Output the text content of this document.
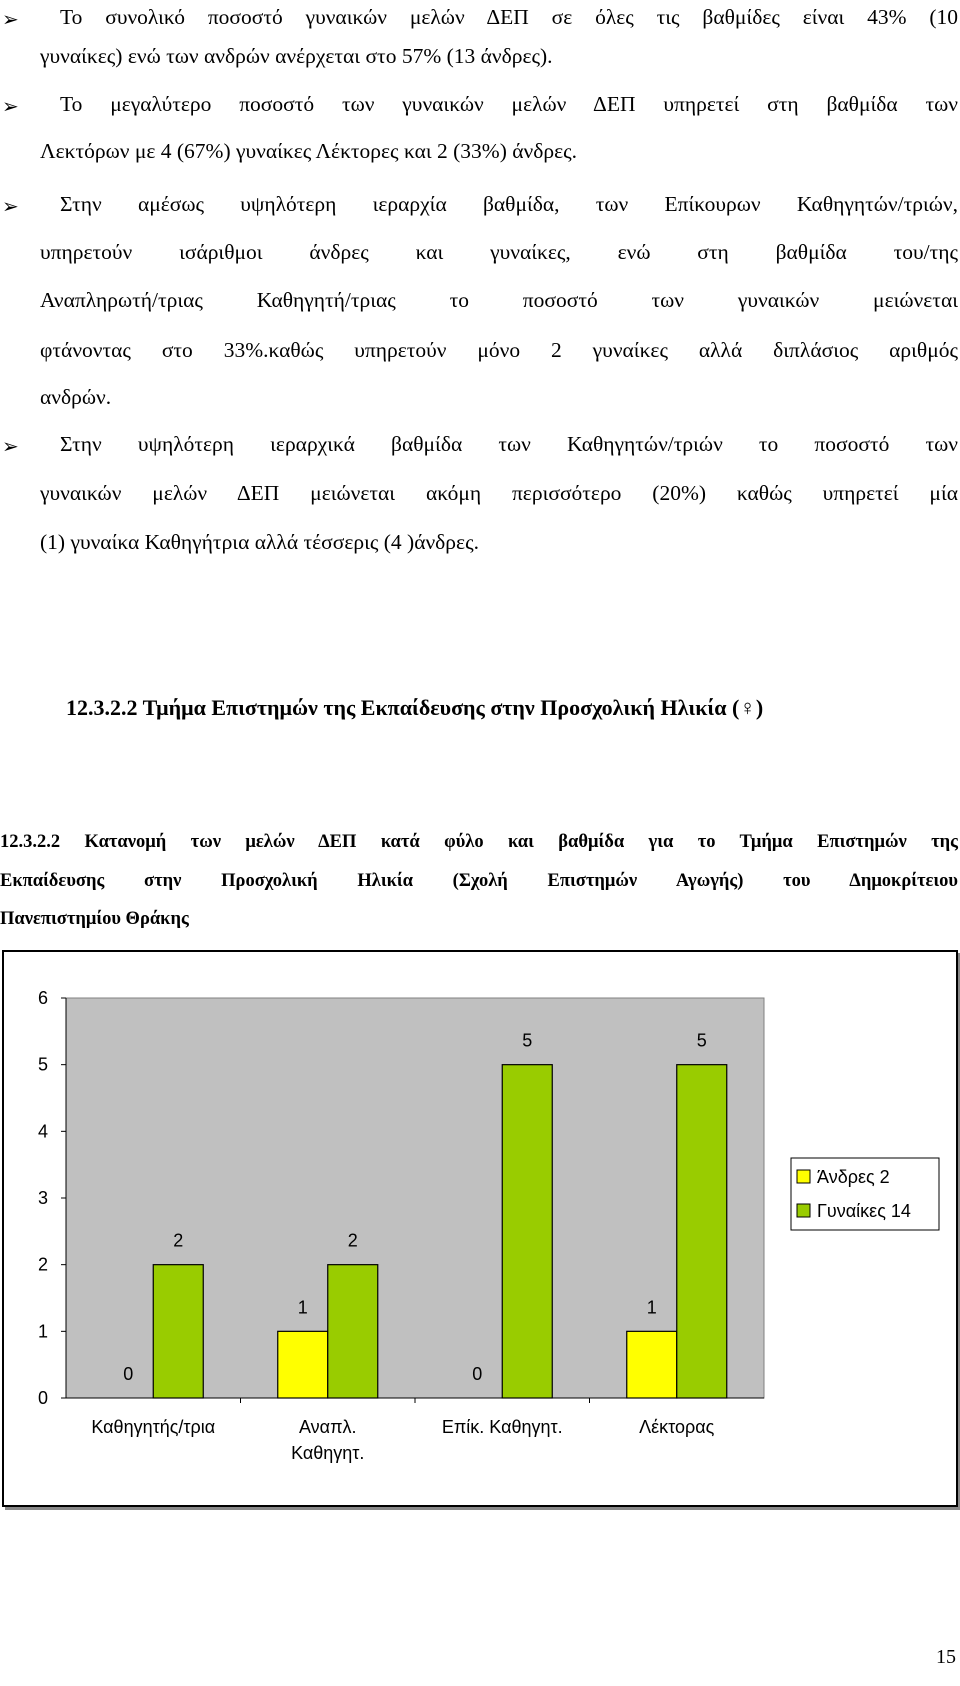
➢ Το συνολικό ποσοστό γυναικών μελών ΔΕΠ σε όλες τις βαθμίδες είναι 43% (10
γυναίκες) ενώ των ανδρών ανέρχεται στο 57% (13 άνδρες).
➢ Το μεγαλύτερο ποσοστό των γυναικών μελών ΔΕΠ υπηρετεί στη βαθμίδα των
Λεκτόρων με 4 (67%) γυναίκες Λέκτορες και 2 (33%) άνδρες.
➢ Στην αμέσως υψηλότερη ιεραρχία βαθμίδα, των Επίκουρων Καθηγητών/τριών,
υπηρετούν ισάριθμοι άνδρες και γυναίκες, ενώ στη βαθμίδα του/της
Αναπληρωτή/τριας Καθηγητή/τριας το ποσοστό των γυναικών μειώνεται
φτάνοντας στο 33%.καθώς υπηρετούν μόνο 2 γυναίκες αλλά διπλάσιος αριθμός
ανδρών.
➢ Στην υψηλότερη ιεραρχικά βαθμίδα των Καθηγητών/τριών το ποσοστό των
γυναικών μελών ΔΕΠ μειώνεται ακόμη περισσότερο (20%) καθώς υπηρετεί μία
(1) γυναίκα Καθηγήτρια αλλά τέσσερις (4 )άνδρες.
12.3.2.2 Τμήμα Επιστημών της Εκπαίδευσης στην Προσχολική Ηλικία (♀)
12.3.2.2 Κατανομή των μελών ΔΕΠ κατά φύλο και βαθμίδα για το Τμήμα Επιστημών της
Εκπαίδευσης στην Προσχολική Ηλικία (Σχολή Επιστημών Αγωγής) του Δημοκρίτειου
Πανεπιστημίου Θράκης
0
1
2
3
4
5
6
0
2
Καθηγητής/τρια
1
2
Αναπλ.
Καθηγητ.
0
5
Επίκ. Καθηγητ.
1
5
Λέκτορας
Άνδρες 2
Γυναίκες 14
15
